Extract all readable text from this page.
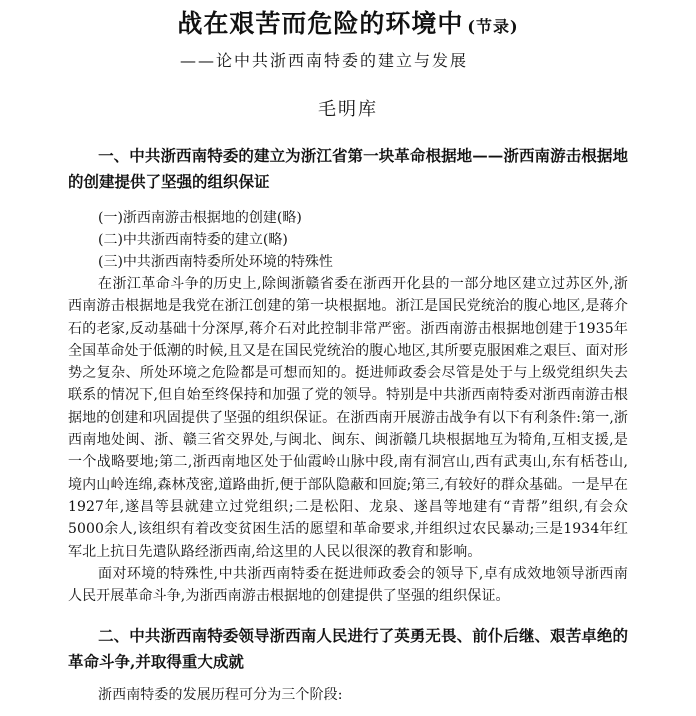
战在艰苦而危险的环境中 (节录)
——论中共浙西南特委的建立与发展
毛明库

一、中共浙西南特委的建立为浙江省第一块革命根据地——浙西南游击根据地的创建提供了坚强的组织保证

(一)浙西南游击根据地的创建(略)

(二)中共浙西南特委的建立(略)

(三)中共浙西南特委所处环境的特殊性

在浙江革命斗争的历史上,除闽浙赣省委在浙西开化县的一部分地区建立过苏区外,浙西南游击根据地是我党在浙江创建的第一块根据地。浙江是国民党统治的腹心地区,是蒋介石的老家,反动基础十分深厚,蒋介石对此控制非常严密。浙西南游击根据地创建于1935年全国革命处于低潮的时候,且又是在国民党统治的腹心地区,其所要克服困难之艰巨、面对形势之复杂、所处环境之危险都是可想而知的。挺进师政委会尽管是处于与上级党组织失去联系的情况下,但自始至终保持和加强了党的领导。特别是中共浙西南特委对浙西南游击根据地的创建和巩固提供了坚强的组织保证。在浙西南开展游击战争有以下有利条件:第一,浙西南地处闽、浙、赣三省交界处,与闽北、闽东、闽浙赣几块根据地互为犄角,互相支援,是一个战略要地;第二,浙西南地区处于仙霞岭山脉中段,南有洞宫山,西有武夷山,东有栝苍山,境内山岭连绵,森林茂密,道路曲折,便于部队隐蔽和回旋;第三,有较好的群众基础。一是早在1927年,遂昌等县就建立过党组织;二是松阳、龙泉、遂昌等地建有“青帮”组织,有会众5000余人,该组织有着改变贫困生活的愿望和革命要求,并组织过农民暴动;三是1934年红军北上抗日先遣队路经浙西南,给这里的人民以很深的教育和影响。

面对环境的特殊性,中共浙西南特委在挺进师政委会的领导下,卓有成效地领导浙西南人民开展革命斗争,为浙西南游击根据地的创建提供了坚强的组织保证。

二、中共浙西南特委领导浙西南人民进行了英勇无畏、前仆后继、艰苦卓绝的革命斗争,并取得重大成就

浙西南特委的发展历程可分为三个阶段:
